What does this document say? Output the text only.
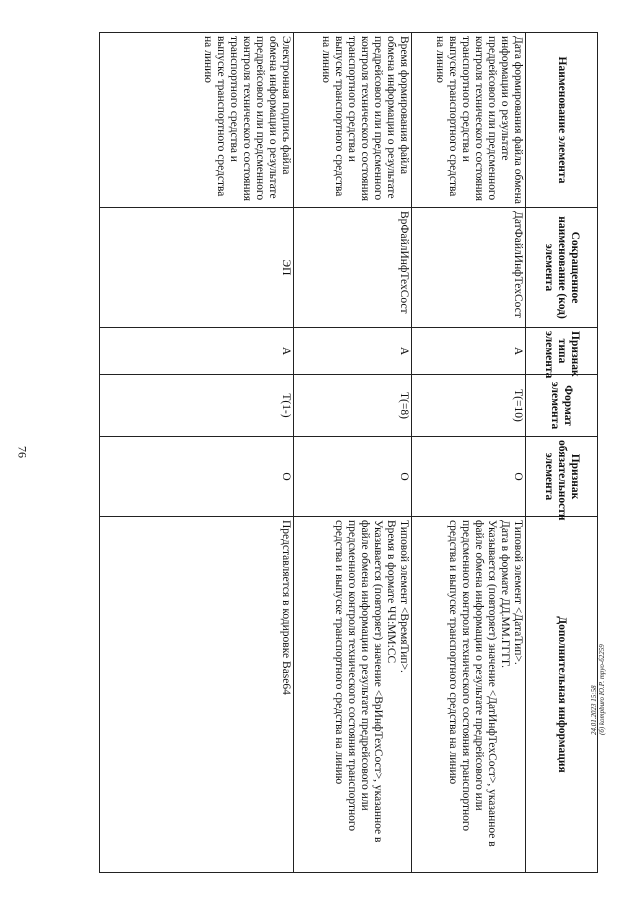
76
24.01.2023 15:58 (б) kompburo Ю.Р. труо-б2259
Наименование элемента	Сокращенное наименование (код) элемента	Признак типа элемента	Формат элемента	Признак обязательности элемента	Дополнительная информация
Дата формирования файла обмена информации о результате предрейсового или предсменного контроля технического состояния транспортного средства и выпуске транспортного средства на линию	ДатФайлИнфТехСост	А	T(=10)	О	Типовой элемент <ДатаТип>.
Дата в формате ДД.ММ.ГГГГ.
Указывается (повторяет) значение <ДатИнфТехСост>, указанное в файле обмена информации о результате предрейсового или предсменного контроля технического состояния транспортного средства и выпуске транспортного средства на линию

Время формирования файла обмена информации о результате предрейсового или предсменного контроля технического состояния транспортного средства и выпуске транспортного средства на линию	ВрФайлИнфТехСост	А	T(=8)	О	Типовой элемент <ВремяТип>.
Время в формате ЧЧ:ММ:СС
Указывается (повторяет) значение <ВрИнфТехСост>, указанное в файле обмена информации о результате предрейсового или предсменного контроля технического состояния транспортного средства и выпуске транспортного средства на линию

Электронная подпись файла обмена информации о результате предрейсового или предсменного контроля технического состояния транспортного средства и выпуске транспортного средства на линию	ЭП	А	T(1-)	О	Представляется в кодировке Base64
